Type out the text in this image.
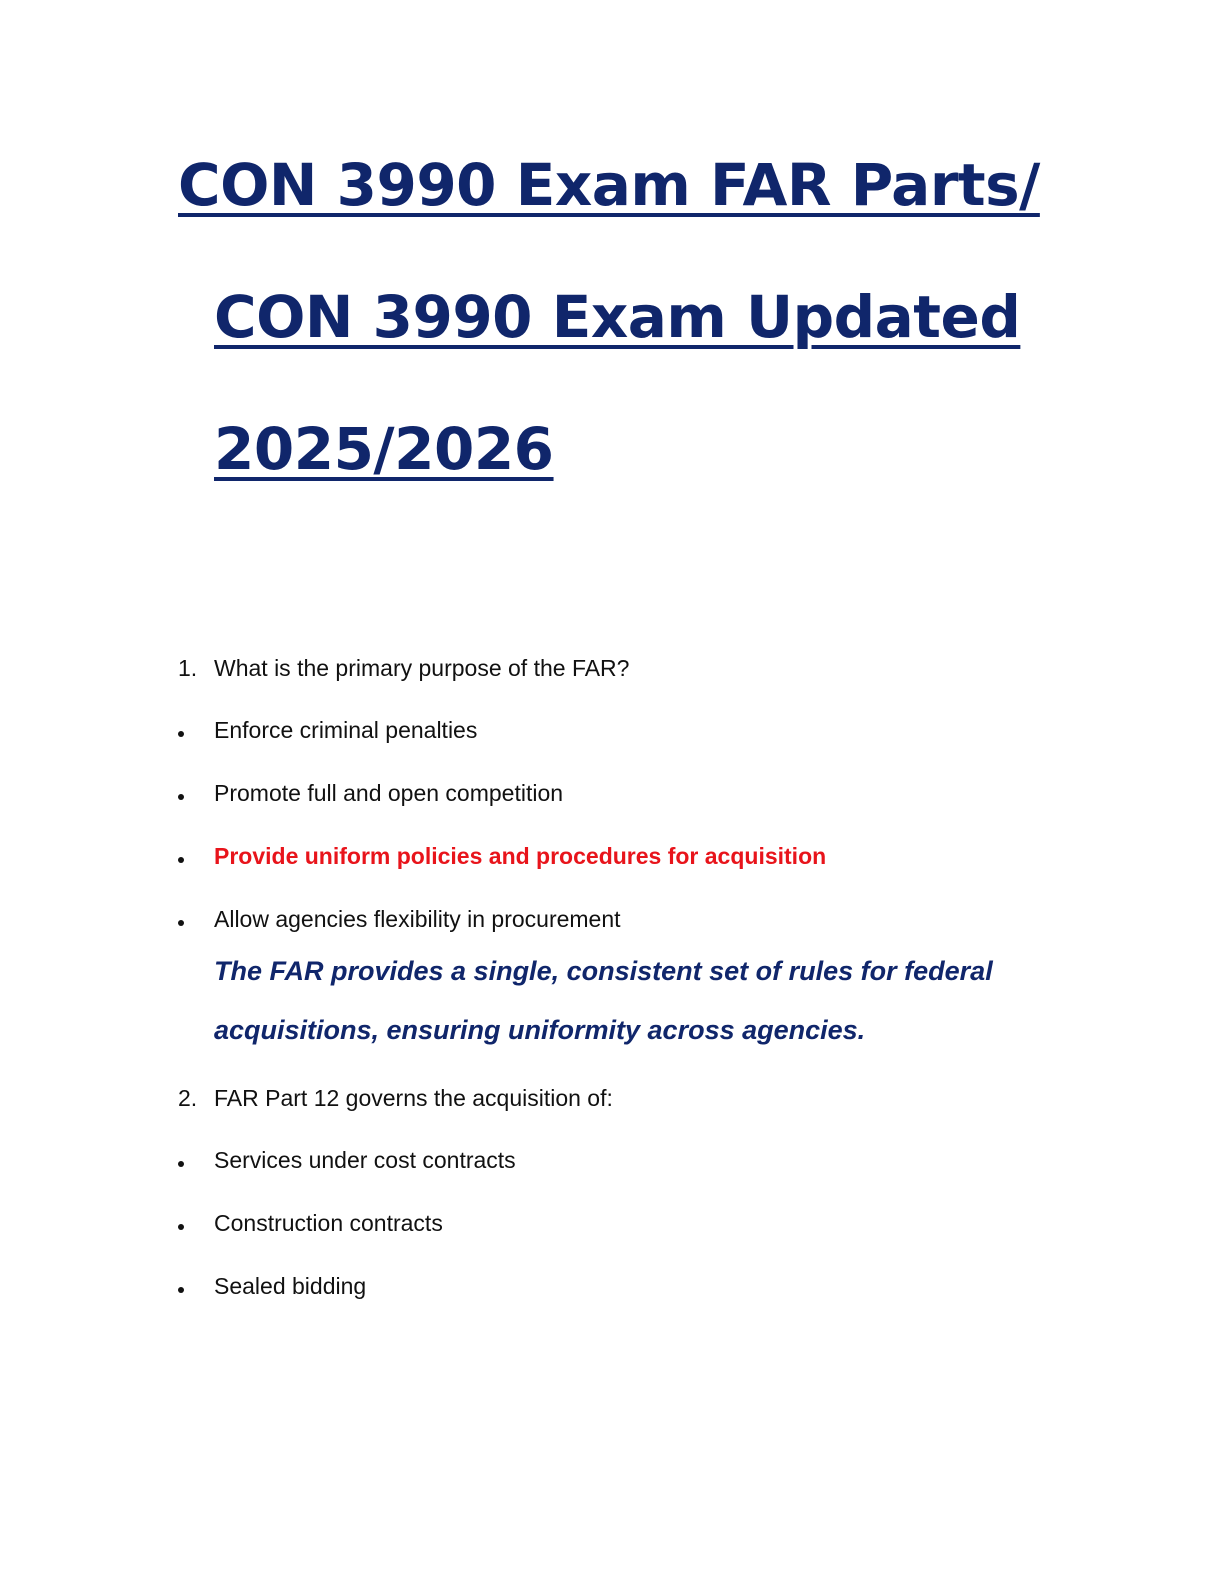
CON 3990 Exam FAR Parts/
CON 3990 Exam Updated
2025/2026
1. What is the primary purpose of the FAR?
Enforce criminal penalties
Promote full and open competition
Provide uniform policies and procedures for acquisition
Allow agencies flexibility in procurement
The FAR provides a single, consistent set of rules for federal
acquisitions, ensuring uniformity across agencies.
2. FAR Part 12 governs the acquisition of:
Services under cost contracts
Construction contracts
Sealed bidding
